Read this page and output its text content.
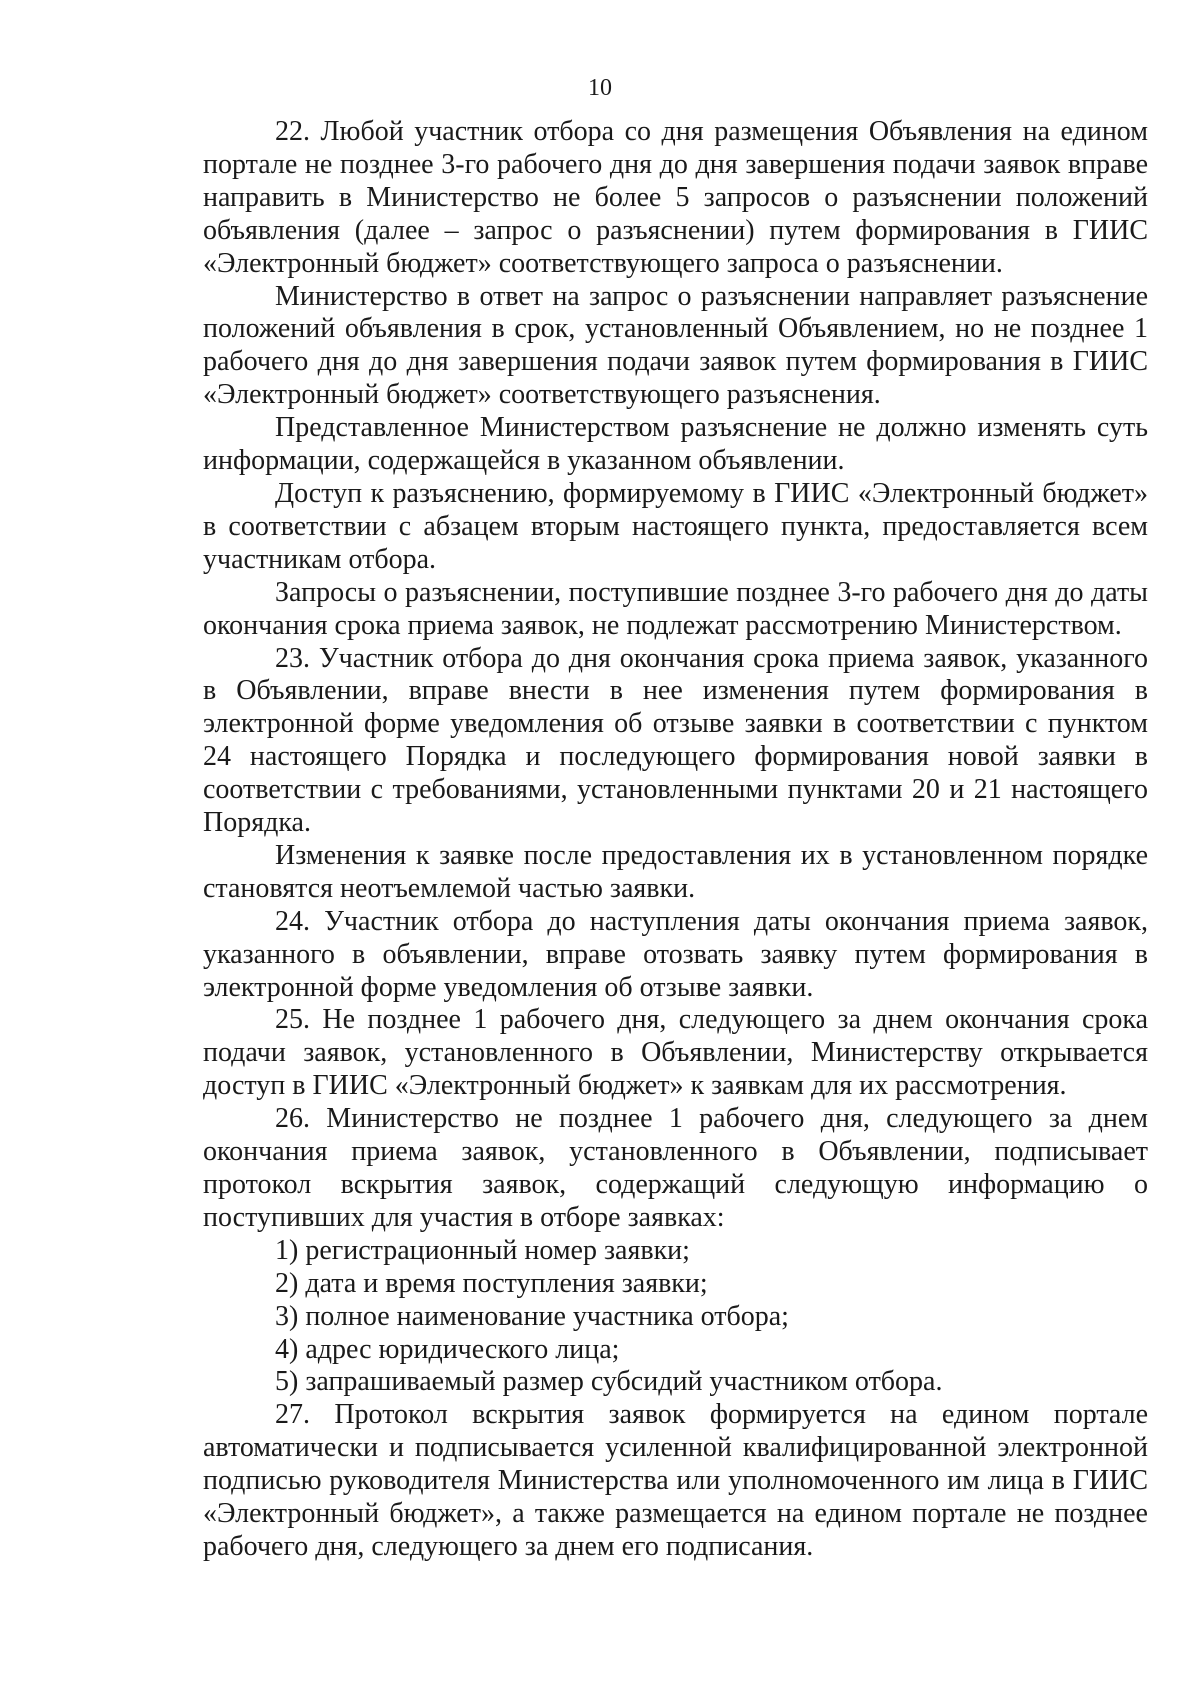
10

22. Любой участник отбора со дня размещения Объявления на едином портале не позднее 3-го рабочего дня до дня завершения подачи заявок вправе направить в Министерство не более 5 запросов о разъяснении положений объявления (далее – запрос о разъяснении) путем формирования в ГИИС «Электронный бюджет» соответствующего запроса о разъяснении.

Министерство в ответ на запрос о разъяснении направляет разъяснение положений объявления в срок, установленный Объявлением, но не позднее 1 рабочего дня до дня завершения подачи заявок путем формирования в ГИИС «Электронный бюджет» соответствующего разъяснения.

Представленное Министерством разъяснение не должно изменять суть информации, содержащейся в указанном объявлении.

Доступ к разъяснению, формируемому в ГИИС «Электронный бюджет» в соответствии с абзацем вторым настоящего пункта, предоставляется всем участникам отбора.

Запросы о разъяснении, поступившие позднее 3-го рабочего дня до даты окончания срока приема заявок, не подлежат рассмотрению Министерством.

23. Участник отбора до дня окончания срока приема заявок, указанного в Объявлении, вправе внести в нее изменения путем формирования в электронной форме уведомления об отзыве заявки в соответствии с пунктом 24 настоящего Порядка и последующего формирования новой заявки в соответствии с требованиями, установленными пунктами 20 и 21 настоящего Порядка.

Изменения к заявке после предоставления их в установленном порядке становятся неотъемлемой частью заявки.

24. Участник отбора до наступления даты окончания приема заявок, указанного в объявлении, вправе отозвать заявку путем формирования в электронной форме уведомления об отзыве заявки.

25. Не позднее 1 рабочего дня, следующего за днем окончания срока подачи заявок, установленного в Объявлении, Министерству открывается доступ в ГИИС «Электронный бюджет» к заявкам для их рассмотрения.

26. Министерство не позднее 1 рабочего дня, следующего за днем окончания приема заявок, установленного в Объявлении, подписывает протокол вскрытия заявок, содержащий следующую информацию о поступивших для участия в отборе заявках:

1) регистрационный номер заявки;

2) дата и время поступления заявки;

3) полное наименование участника отбора;

4) адрес юридического лица;

5) запрашиваемый размер субсидий участником отбора.

27. Протокол вскрытия заявок формируется на едином портале автоматически и подписывается усиленной квалифицированной электронной подписью руководителя Министерства или уполномоченного им лица в ГИИС «Электронный бюджет», а также размещается на едином портале не позднее рабочего дня, следующего за днем его подписания.
